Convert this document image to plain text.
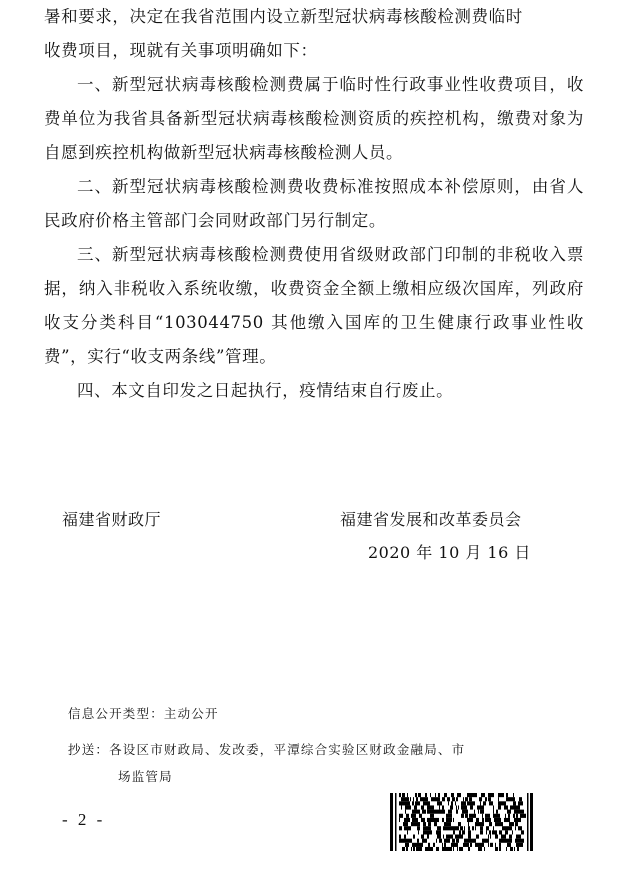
暑和要求，决定在我省范围内设立新型冠状病毒核酸检测费临时

收费项目，现就有关事项明确如下：

一、新型冠状病毒核酸检测费属于临时性行政事业性收费项目，收费单位为我省具备新型冠状病毒核酸检测资质的疾控机构，缴费对象为自愿到疾控机构做新型冠状病毒核酸检测人员。

二、新型冠状病毒核酸检测费收费标准按照成本补偿原则，由省人民政府价格主管部门会同财政部门另行制定。

三、新型冠状病毒核酸检测费使用省级财政部门印制的非税收入票据，纳入非税收入系统收缴，收费资金全额上缴相应级次国库，列政府收支分类科目“103044750 其他缴入国库的卫生健康行政事业性收费”，实行“收支两条线”管理。

四、本文自印发之日起执行，疫情结束自行废止。

福建省财政厅	福建省发展和改革委员会
2020 年 10 月 16 日
信息公开类型：主动公开
抄送：各设区市财政局、发改委，平潭综合实验区财政金融局、市
场监管局
- 2 -
